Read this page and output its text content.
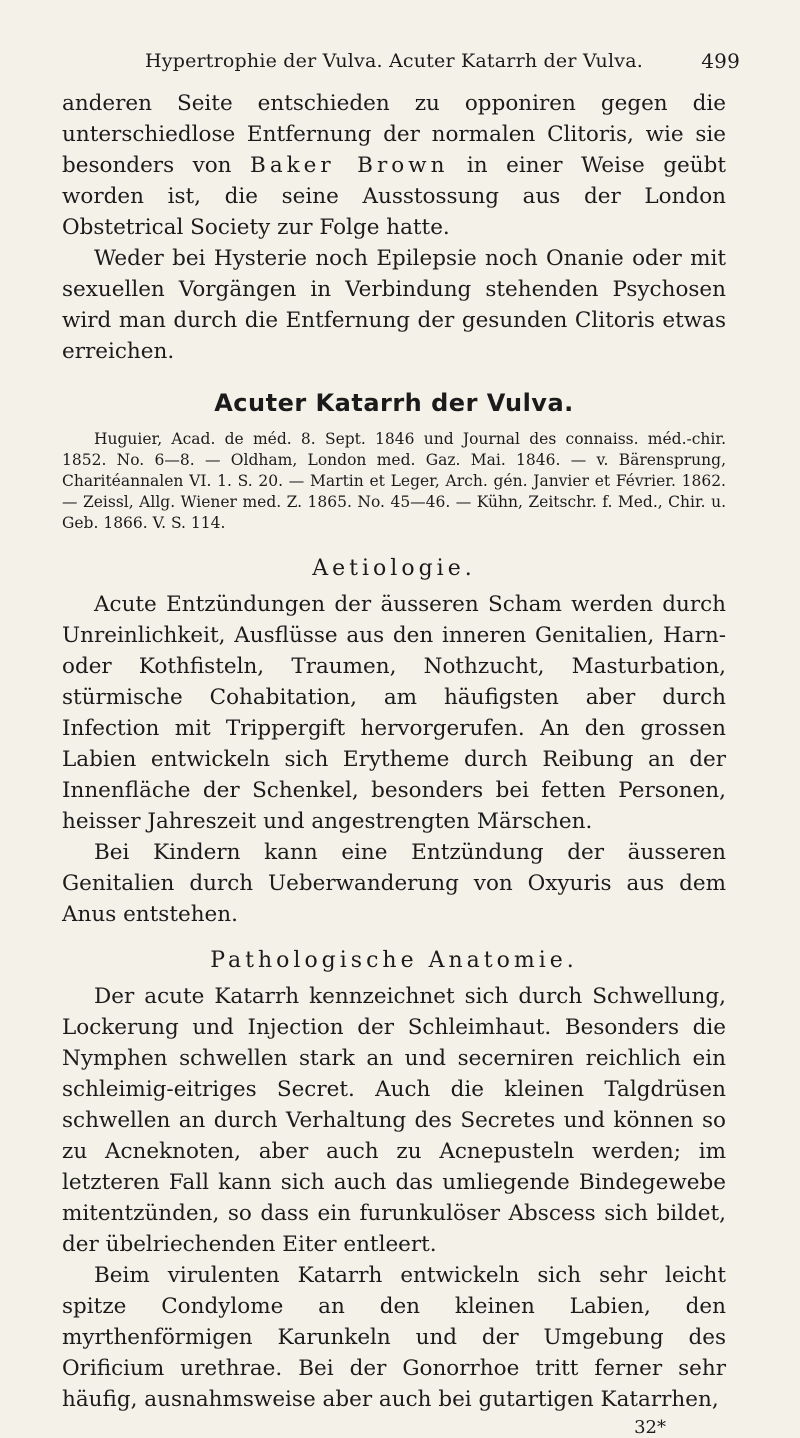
Hypertrophie der Vulva. Acuter Katarrh der Vulva.	499

anderen Seite entschieden zu opponiren gegen die unterschiedlose Entfernung der normalen Clitoris, wie sie besonders von Baker Brown in einer Weise geübt worden ist, die seine Ausstossung aus der London Obstetrical Society zur Folge hatte.

Weder bei Hysterie noch Epilepsie noch Onanie oder mit sexuellen Vorgängen in Verbindung stehenden Psychosen wird man durch die Entfernung der gesunden Clitoris etwas erreichen.

Acuter Katarrh der Vulva.
Huguier, Acad. de méd. 8. Sept. 1846 und Journal des connaiss. méd.-chir. 1852. No. 6—8. — Oldham, London med. Gaz. Mai. 1846. — v. Bärensprung, Charitéannalen VI. 1. S. 20. — Martin et Leger, Arch. gén. Janvier et Février. 1862. — Zeissl, Allg. Wiener med. Z. 1865. No. 45—46. — Kühn, Zeitschr. f. Med., Chir. u. Geb. 1866. V. S. 114.
Aetiologie.

Acute Entzündungen der äusseren Scham werden durch Unreinlichkeit, Ausflüsse aus den inneren Genitalien, Harn- oder Kothfisteln, Traumen, Nothzucht, Masturbation, stürmische Cohabitation, am häufigsten aber durch Infection mit Trippergift hervorgerufen. An den grossen Labien entwickeln sich Erytheme durch Reibung an der Innenfläche der Schenkel, besonders bei fetten Personen, heisser Jahreszeit und angestrengten Märschen.

Bei Kindern kann eine Entzündung der äusseren Genitalien durch Ueberwanderung von Oxyuris aus dem Anus entstehen.

Pathologische Anatomie.

Der acute Katarrh kennzeichnet sich durch Schwellung, Lockerung und Injection der Schleimhaut. Besonders die Nymphen schwellen stark an und secerniren reichlich ein schleimig-eitriges Secret. Auch die kleinen Talgdrüsen schwellen an durch Verhaltung des Secretes und können so zu Acneknoten, aber auch zu Acnepusteln werden; im letzteren Fall kann sich auch das umliegende Bindegewebe mitentzünden, so dass ein furunkulöser Abscess sich bildet, der übelriechenden Eiter entleert.

Beim virulenten Katarrh entwickeln sich sehr leicht spitze Condylome an den kleinen Labien, den myrthenförmigen Karunkeln und der Umgebung des Orificium urethrae. Bei der Gonorrhoe tritt ferner sehr häufig, ausnahmsweise aber auch bei gutartigen Katarrhen,

32*
